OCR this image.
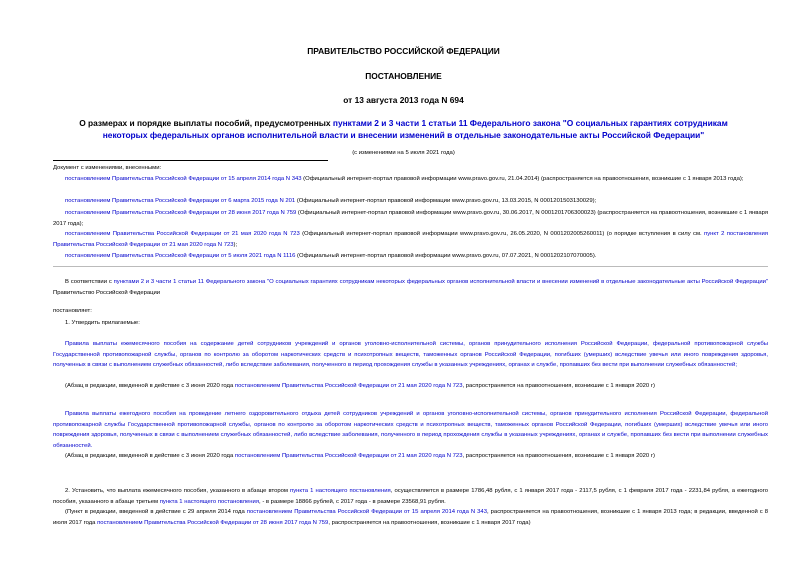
ПРАВИТЕЛЬСТВО РОССИЙСКОЙ ФЕДЕРАЦИИ
ПОСТАНОВЛЕНИЕ
от 13 августа 2013 года N 694
О размерах и порядке выплаты пособий, предусмотренных пунктами 2 и 3 части 1 статьи 11 Федерального закона "О социальных гарантиях сотрудникам некоторых федеральных органов исполнительной власти и внесении изменений в отдельные законодательные акты Российской Федерации"
(с изменениями на 5 июля 2021 года)
Документ с изменениями, внесенными:
постановлением Правительства Российской Федерации от 15 апреля 2014 года N 343 (Официальный интернет-портал правовой информации www.pravo.gov.ru, 21.04.2014) (распространяется на правоотношения, возникшие с 1 января 2013 года);
постановлением Правительства Российской Федерации от 6 марта 2015 года N 201 (Официальный интернет-портал правовой информации www.pravo.gov.ru, 13.03.2015, N 0001201503130029);
постановлением Правительства Российской Федерации от 28 июня 2017 года N 759 (Официальный интернет-портал правовой информации www.pravo.gov.ru, 30.06.2017, N 0001201706300023) (распространяется на правоотношения, возникшие с 1 января 2017 года);
постановлением Правительства Российской Федерации от 21 мая 2020 года N 723 (Официальный интернет-портал правовой информации www.pravo.gov.ru, 26.05.2020, N 0001202005260011) (о порядке вступления в силу см. пункт 2 постановления Правительства Российской Федерации от 21 мая 2020 года N 723);
постановлением Правительства Российской Федерации от 5 июля 2021 года N 1116 (Официальный интернет-портал правовой информации www.pravo.gov.ru, 07.07.2021, N 0001202107070005).
В соответствии с пунктами 2 и 3 части 1 статьи 11 Федерального закона "О социальных гарантиях сотрудникам некоторых федеральных органов исполнительной власти и внесении изменений в отдельные законодательные акты Российской Федерации" Правительство Российской Федерации
постановляет:
1. Утвердить прилагаемые:
Правила выплаты ежемесячного пособия на содержание детей сотрудников учреждений и органов уголовно-исполнительной системы, органов принудительного исполнения Российской Федерации, федеральной противопожарной службы Государственной противопожарной службы, органов по контролю за оборотом наркотических средств и психотропных веществ, таможенных органов Российской Федерации, погибших (умерших) вследствие увечья или иного повреждения здоровья, полученных в связи с выполнением служебных обязанностей, либо вследствие заболевания, полученного в период прохождения службы в указанных учреждениях, органах и службе, пропавших без вести при выполнении служебных обязанностей;
(Абзац в редакции, введенной в действие с 3 июня 2020 года постановлением Правительства Российской Федерации от 21 мая 2020 года N 723, распространяется на правоотношения, возникшие с 1 января 2020 г)
Правила выплаты ежегодного пособия на проведение летнего оздоровительного отдыха детей сотрудников учреждений и органов уголовно-исполнительной системы, органов принудительного исполнения Российской Федерации, федеральной противопожарной службы Государственной противопожарной службы, органов по контролю за оборотом наркотических средств и психотропных веществ, таможенных органов Российской Федерации, погибших (умерших) вследствие увечья или иного повреждения здоровья, полученных в связи с выполнением служебных обязанностей, либо вследствие заболевания, полученного в период прохождения службы в указанных учреждениях, органах и службе, пропавших без вести при выполнении служебных обязанностей.
(Абзац в редакции, введенной в действие с 3 июня 2020 года постановлением Правительства Российской Федерации от 21 мая 2020 года N 723, распространяется на правоотношения, возникшие с 1 января 2020 г)
2. Установить, что выплата ежемесячного пособия, указанного в абзаце втором пункта 1 настоящего постановления, осуществляется в размере 1786,48 рубля, с 1 января 2017 года - 2117,5 рубля, с 1 февраля 2017 года - 2231,84 рубля, а ежегодного пособия, указанного в абзаце третьем пункта 1 настоящего постановления, - в размере 18866 рублей, с 2017 года - в размере 23568,91 рубля.
(Пункт в редакции, введенной в действие с 29 апреля 2014 года постановлением Правительства Российской Федерации от 15 апреля 2014 года N 343, распространяется на правоотношения, возникшие с 1 января 2013 года; в редакции, введенной с 8 июля 2017 года постановлением Правительства Российской Федерации от 28 июня 2017 года N 759, распространяется на правоотношения, возникшие с 1 января 2017 года)
